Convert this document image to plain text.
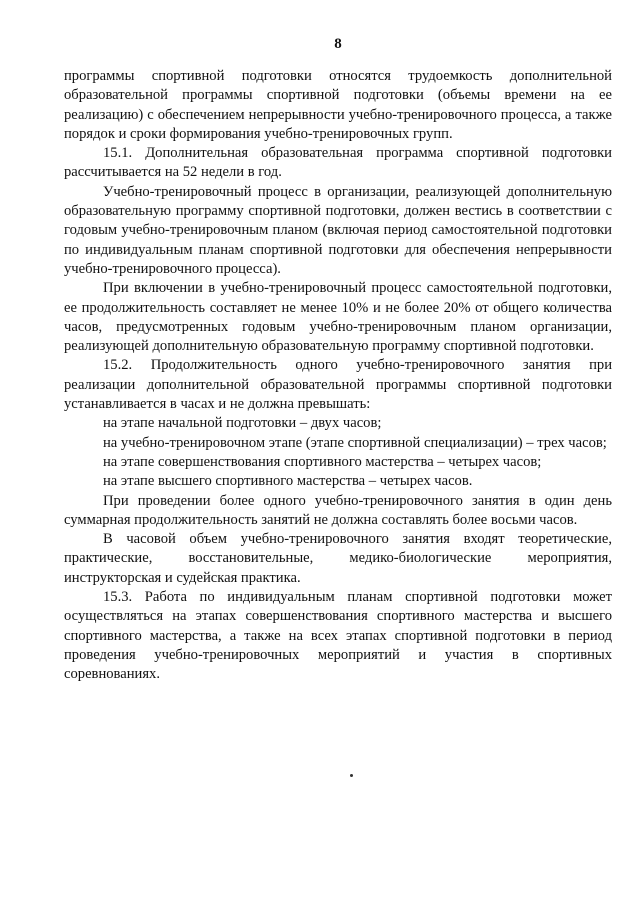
8

программы спортивной подготовки относятся трудоемкость дополнительной образовательной программы спортивной подготовки (объемы времени на ее реализацию) с обеспечением непрерывности учебно-тренировочного процесса, а также порядок и сроки формирования учебно-тренировочных групп.

15.1. Дополнительная образовательная программа спортивной подготовки рассчитывается на 52 недели в год.

Учебно-тренировочный процесс в организации, реализующей дополнительную образовательную программу спортивной подготовки, должен вестись в соответствии с годовым учебно-тренировочным планом (включая период самостоятельной подготовки по индивидуальным планам спортивной подготовки для обеспечения непрерывности учебно-тренировочного процесса).

При включении в учебно-тренировочный процесс самостоятельной подготовки, ее продолжительность составляет не менее 10% и не более 20% от общего количества часов, предусмотренных годовым учебно-тренировочным планом организации, реализующей дополнительную образовательную программу спортивной подготовки.

15.2. Продолжительность одного учебно-тренировочного занятия при реализации дополнительной образовательной программы спортивной подготовки устанавливается в часах и не должна превышать:

на этапе начальной подготовки – двух часов;

на учебно-тренировочном этапе (этапе спортивной специализации) – трех часов;

на этапе совершенствования спортивного мастерства – четырех часов;

на этапе высшего спортивного мастерства – четырех часов.

При проведении более одного учебно-тренировочного занятия в один день суммарная продолжительность занятий не должна составлять более восьми часов.

В часовой объем учебно-тренировочного занятия входят теоретические, практические, восстановительные, медико-биологические мероприятия, инструкторская и судейская практика.

15.3. Работа по индивидуальным планам спортивной подготовки может осуществляться на этапах совершенствования спортивного мастерства и высшего спортивного мастерства, а также на всех этапах спортивной подготовки в период проведения учебно-тренировочных мероприятий и участия в спортивных соревнованиях.
